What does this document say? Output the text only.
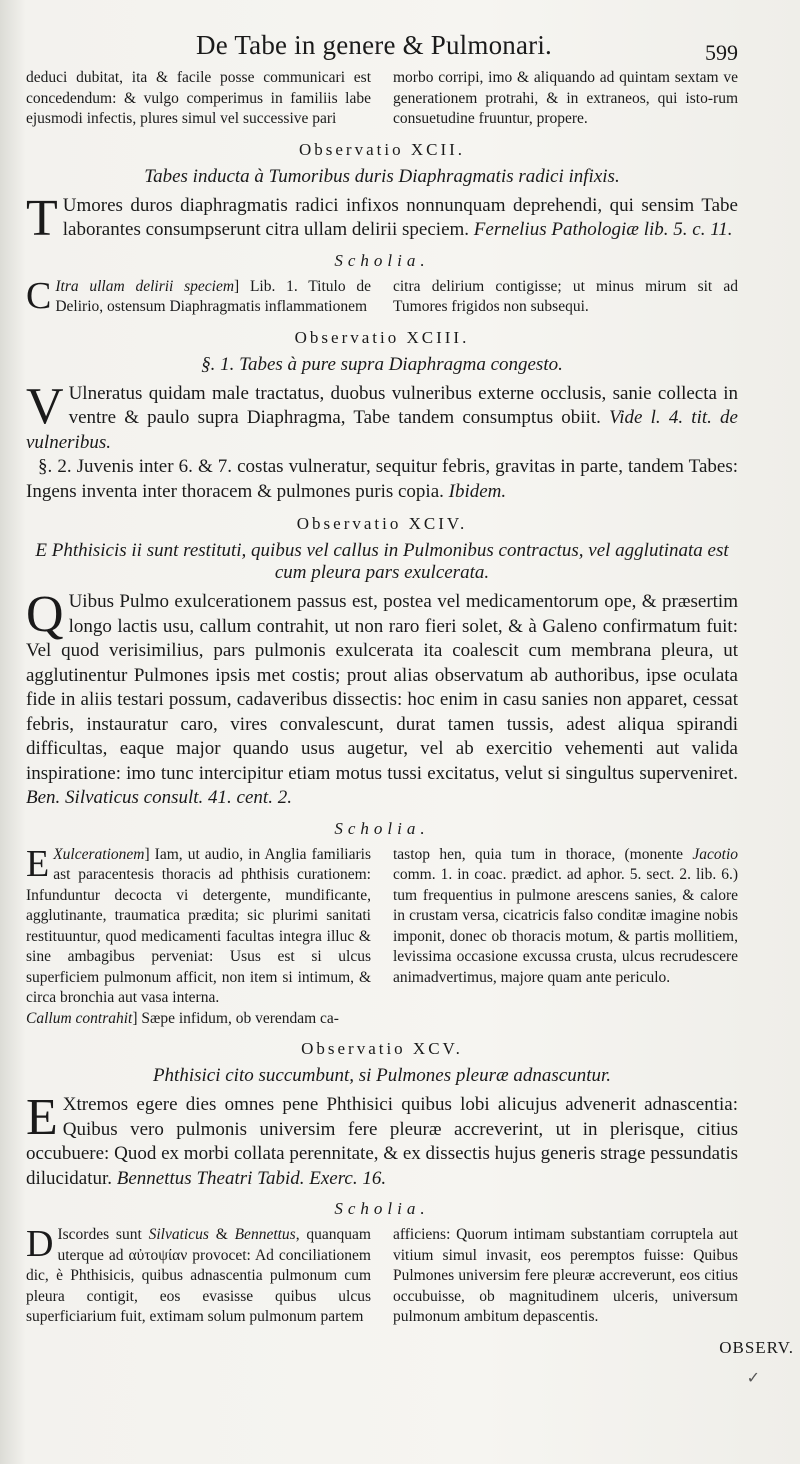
De Tabe in genere & Pulmonari.	599
deduci dubitat, ita & facile posse communicari est concedendum: & vulgo comperimus in familiis labe ejusmodi infectis, plures simul vel successive pari
morbo corripi, imo & aliquando ad quintam sextam ve generationem protrahi, & in extraneos, qui isto-rum consuetudine fruuntur, propere.
Observatio XCII.
Tabes inducta à Tumoribus duris Diaphragmatis radici infixis.
T Umores duros diaphragmatis radici infixos nonnunquam deprehendi, qui sensim Tabe laborantes consumpserunt citra ullam delirii speciem. Fernelius Pathologiæ lib. 5. c. 11.
Scholia.
C Itra ullam delirii speciem] Lib. 1. Titulo de Delirio, ostensum Diaphragmatis inflammationem
citra delirium contigisse; ut minus mirum sit ad Tumores frigidos non subsequi.
Observatio XCIII.
§. 1. Tabes à pure supra Diaphragma congesto.
V Ulneratus quidam male tractatus, duobus vulneribus externe occlusis, sanie collecta in ventre & paulo supra Diaphragma, Tabe tandem consumptus obiit. Vide l. 4. tit. de vulneribus.
§. 2. Juvenis inter 6. & 7. costas vulneratur, sequitur febris, gravitas in parte, tandem Tabes: Ingens inventa inter thoracem & pulmones puris copia. Ibidem.
Observatio XCIV.
E Phthisicis ii sunt restituti, quibus vel callus in Pulmonibus contractus, vel agglutinata est cum pleura pars exulcerata.
Q Uibus Pulmo exulcerationem passus est, postea vel medicamentorum ope, & præsertim longo lactis usu, callum contrahit, ut non raro fieri solet, & à Galeno confirmatum fuit: Vel quod verisimilius, pars pulmonis exulcerata ita coalescit cum membrana pleura, ut agglutinentur Pulmones ipsis met costis; prout alias observatum ab authoribus, ipse oculata fide in aliis testari possum, cadaveribus dissectis: hoc enim in casu sanies non apparet, cessat febris, instauratur caro, vires convalescunt, durat tamen tussis, adest aliqua spirandi difficultas, eaque major quando usus augetur, vel ab exercitio vehementi aut valida inspiratione: imo tunc intercipitur etiam motus tussi excitatus, velut si singultus superveniret. Ben. Silvaticus consult. 41. cent. 2.
Scholia.
E Xulcerationem] Iam, ut audio, in Anglia familiaris ast paracentesis thoracis ad phthisis curationem: Infunduntur decocta vi detergente, mundificante, agglutinante, traumatica prædita; sic plurimi sanitati restituuntur, quod medicamenti facultas integra illuc & sine ambagibus perveniat: Usus est si ulcus superficiem pulmonum afficit, non item si intimum, & circa bronchia aut vasa interna.
Callum contrahit] Sæpe infidum, ob verendam ca-
tastop hen, quia tum in thorace, (monente Jacotio comm. 1. in coac. prædict. ad aphor. 5. sect. 2. lib. 6.) tum frequentius in pulmone arescens sanies, & calore in crustam versa, cicatricis falso conditæ imagine nobis imponit, donec ob thoracis motum, & partis mollitiem, levissima occasione excussa crusta, ulcus recrudescere animadvertimus, majore quam ante periculo.
Observatio XCV.
Phthisici cito succumbunt, si Pulmones pleuræ adnascuntur.
E Xtremos egere dies omnes pene Phthisici quibus lobi alicujus advenerit adnascentia: Quibus vero pulmonis universim fere pleuræ accreverint, ut in plerisque, citius occubuere: Quod ex morbi collata perennitate, & ex dissectis hujus generis strage pessundatis dilucidatur. Bennettus Theatri Tabid. Exerc. 16.
Scholia.
D Iscordes sunt Silvaticus & Bennettus, quanquam uterque ad αὐτοψίαν provocet: Ad conciliationem dic, è Phthisicis, quibus adnascentia pulmonum cum pleura contigit, eos evasisse quibus ulcus superficiarium fuit, extimam solum pulmonum partem
afficiens: Quorum intimam substantiam corruptela aut vitium simul invasit, eos peremptos fuisse: Quibus Pulmones universim fere pleuræ accreverunt, eos citius occubuisse, ob magnitudinem ulceris, universum pulmonum ambitum depascentis.
OBSERV.
✓
